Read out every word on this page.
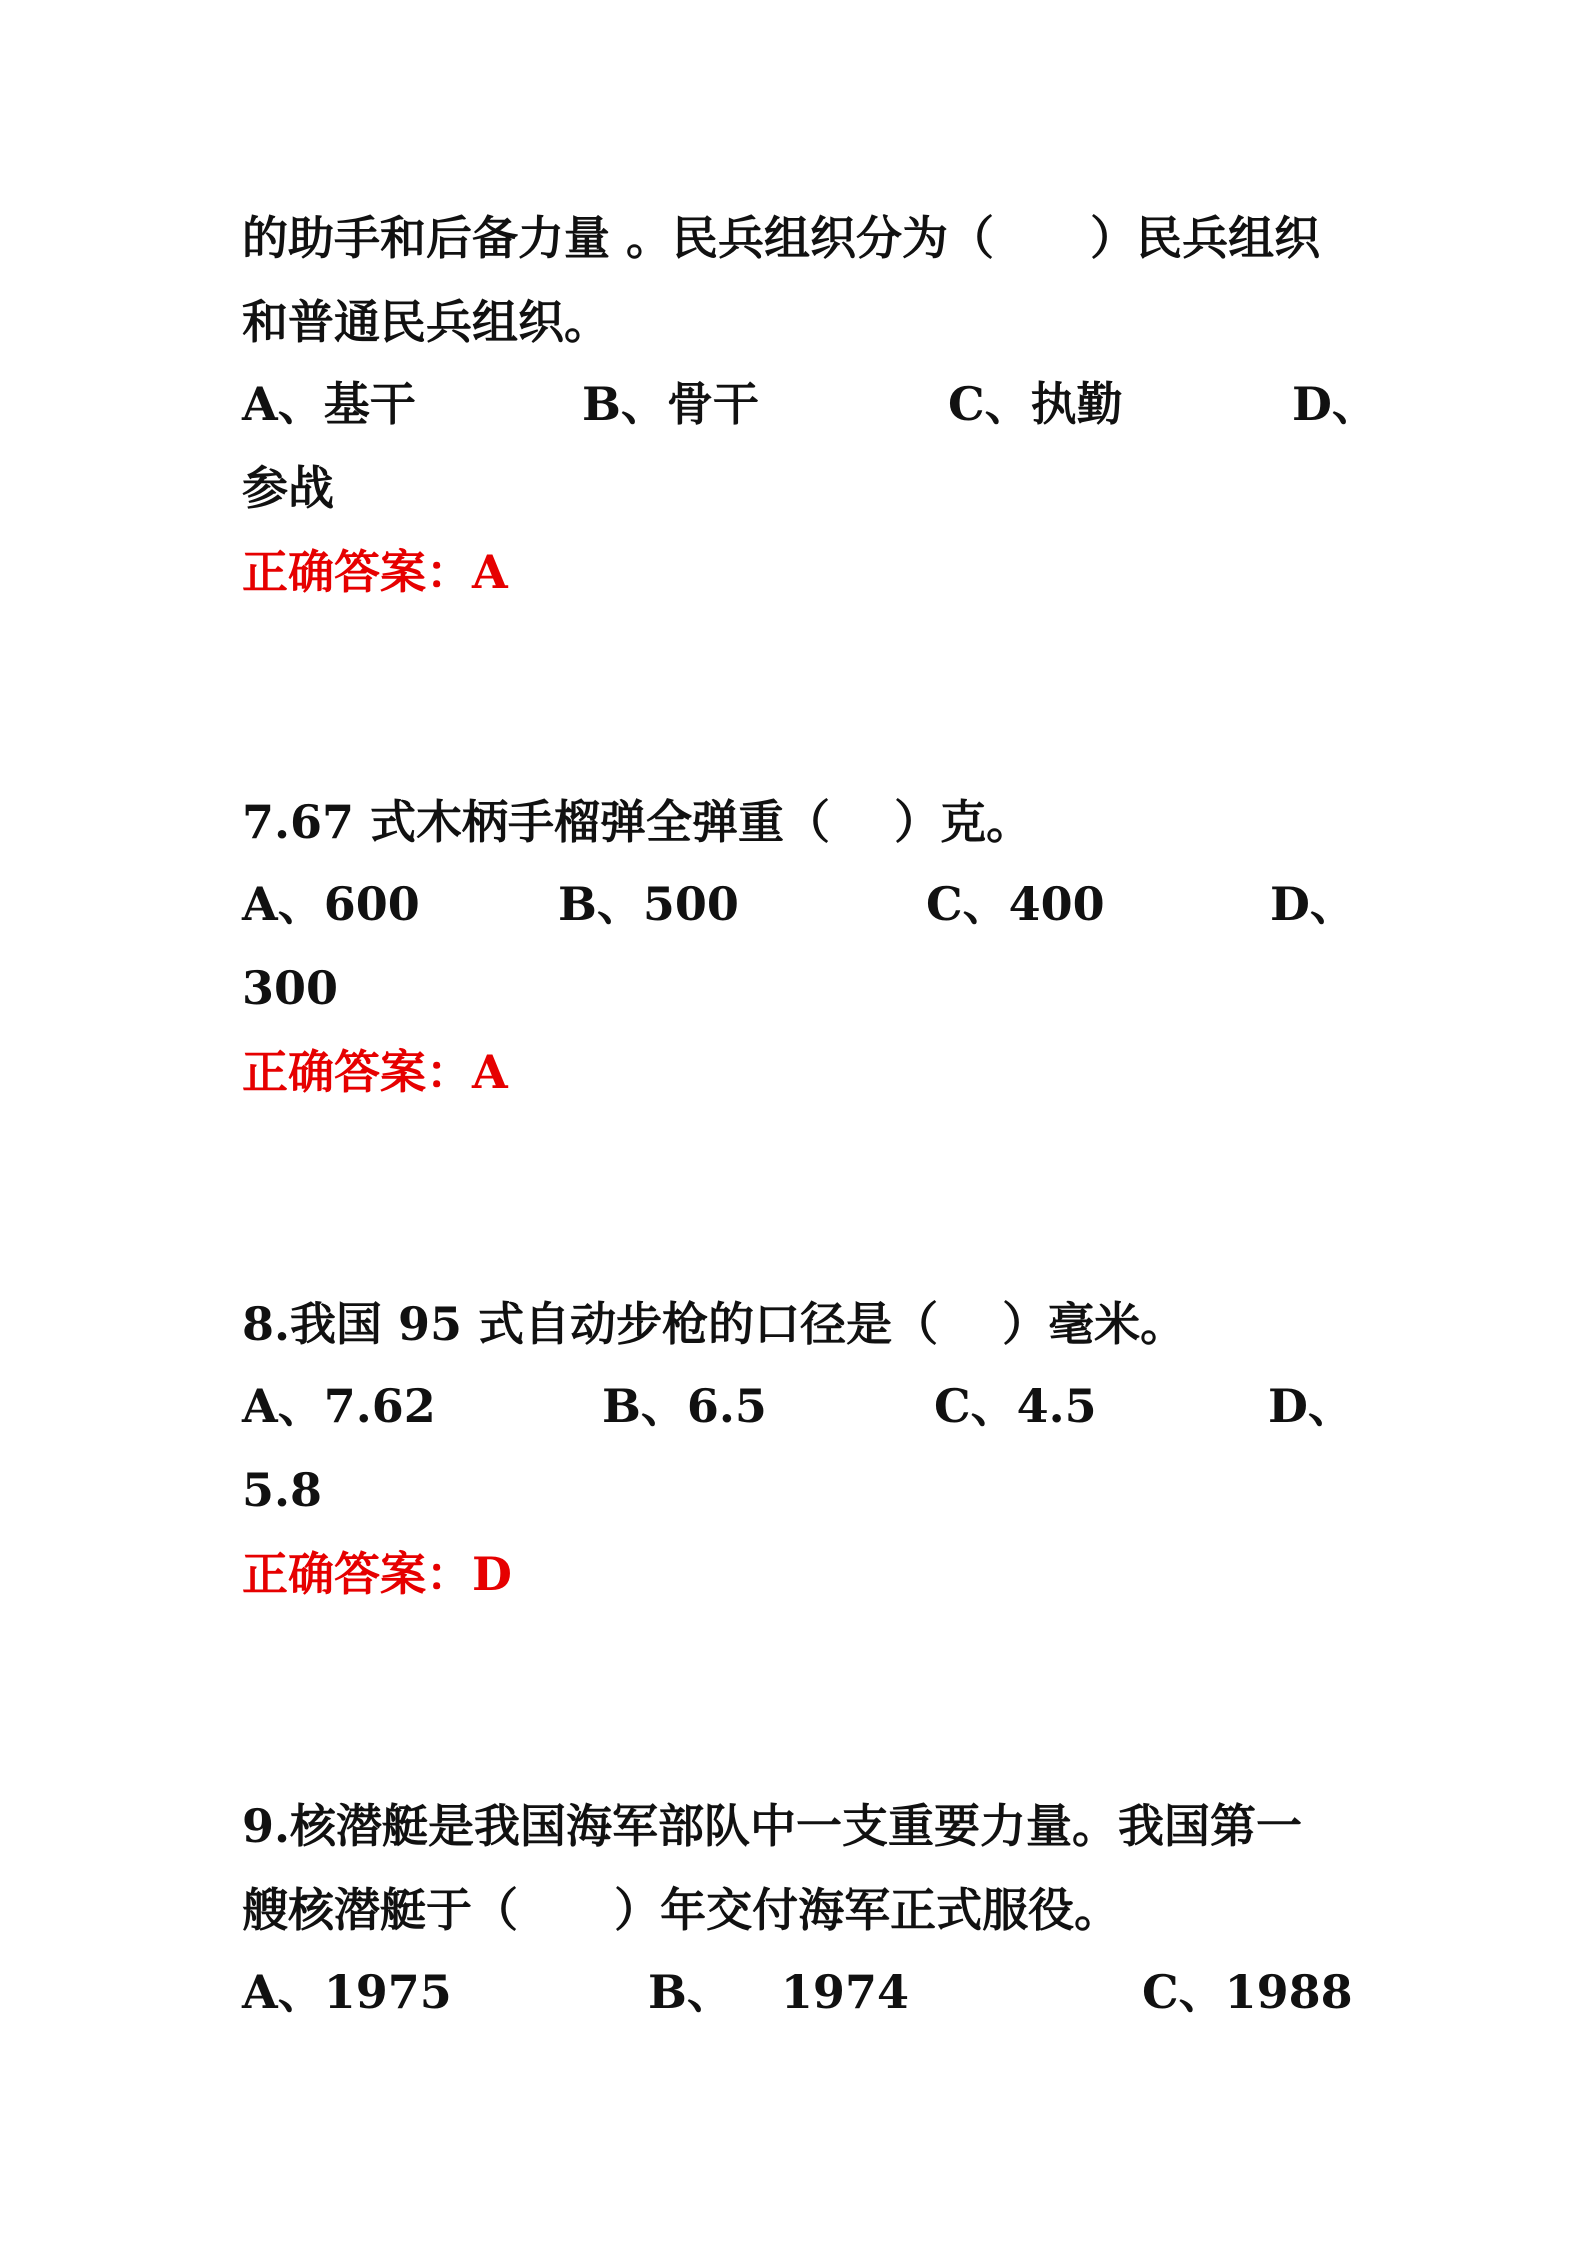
的助手和后备力量 。民兵组织分为（      ）民兵组织
和普通民兵组织。
A、基干	B、骨干	C、执勤	D、
参战
正确答案：A
7.67 式木柄手榴弹全弹重（    ）克。
A、600	B、500	C、400	D、
300
正确答案：A
8.我国 95 式自动步枪的口径是（    ）毫米。
A、7.62	B、6.5	C、4.5	D、
5.8
正确答案：D
9.核潜艇是我国海军部队中一支重要力量。我国第一
艘核潜艇于（      ）年交付海军正式服役。
A、1975	B、   1974	C、1988
